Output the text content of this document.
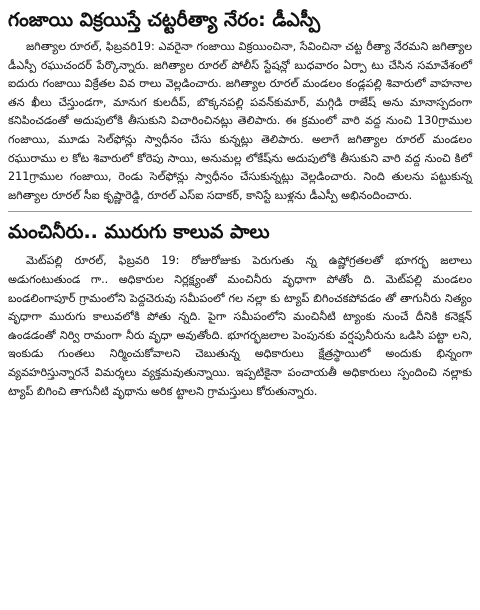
గంజాయి విక్రయిస్తే చట్టరీత్యా నేరం: డీఎస్పీ

జగిత్యాల రూరల్, ఫిబ్రవరి19: ఎవరైనా గంజాయి విక్రయించినా, సేవించినా చట్ట రీత్యా నేరమని జగిత్యాల డీఎస్పీ రఘుచందర్ పేర్కొన్నారు. జగిత్యాల రూరల్ పోలీస్ స్టేషన్లో బుధవారం ఏర్పా టు చేసిన సమావేశంలో ఐదురు గంజాయి విక్రేతల వివ రాలు వెల్లడించారు. జగిత్యాల రూరల్ మండలం కండ్లపల్లి శివారులో వాహనాల తన ఖీలు చేస్తుండగా, మానుగ కులదీప్, బొక్కనపల్లి పవన్‌కుమార్, మగ్గిడి రాజేష్ అను మానాస్పదంగా కనిపించడంతో అదుపులోకి తీసుకుని విచారించినట్లు తెలిపారు. ఈ క్రమంలో వారి వద్ద నుంచి 130గ్రాముల గంజాయి, మూడు సెల్‌ఫోన్లు స్వాధీనం చేసు కున్నట్లు తెలిపారు. అలాగే జగిత్యాల రూరల్ మండలం రఘురాము ల కోట శివారులో కోరెపు సాయి, అనుమల్ల లోకేష్‌ను అదుపులోకి తీసుకుని వారి వద్ద నుంచి కిలో 211గ్రాముల గంజాయి, రెండు సెల్‌ఫోన్లు స్వాధీనం చేసుకున్నట్లు వెల్లడించారు. నింది తులను పట్టుకున్న జగిత్యాల రూరల్ సీఐ కృష్ణారెడ్డి, రూరల్ ఎస్ఐ సదాకర్, కానిస్టే బుళ్లను డీఎస్పీ అభినందించారు.

మంచినీరు.. మురుగు కాలువ పాలు

మెట్‌పల్లి రూరల్, ఫిబ్రవరి 19: రోజురోజుకు పెరుగుతు న్న ఉష్ణోగ్రతలతో భూగర్భ జలాలు అడుగంటుతుండ గా.. అధికారుల నిర్లక్ష్యంతో మంచినీరు వృధాగా పోతోం ది. మెట్‌పల్లి మండలం బండలింగాపూర్ గ్రామంలోని పెద్దచెరువు సమీపంలో గల నల్లా కు ట్యాప్ బిగించకపోవడం తో తాగునీరు నిత్యం వృధాగా మురుగు కాలువలోకి పోతు న్నది. పైగా సమీపంలోని మంచినీటి ట్యాంకు నుంచే దీనికి కనెక్షన్ ఉండడంతో నిర్వి రామంగా నీరు వృధా అవుతోంది. భూగర్భజలాల పెంపునకు వర్షపునీరును ఒడిసి పట్టా లని, ఇంకుడు గుంతలు నిర్మించుకోవాలని చెబుతున్న అధికారులు క్షేత్రస్థాయిలో అందుకు భిన్నంగా వ్యవహరిస్తున్నారనే విమర్శలు వ్యక్తమవుతున్నాయి. ఇప్పటికైనా పంచాయతీ అధికారులు స్పందించి నల్లాకు ట్యాప్ బిగించి తాగునీటి వృథాను అరిక ట్టాలని గ్రామస్తులు కోరుతున్నారు.
